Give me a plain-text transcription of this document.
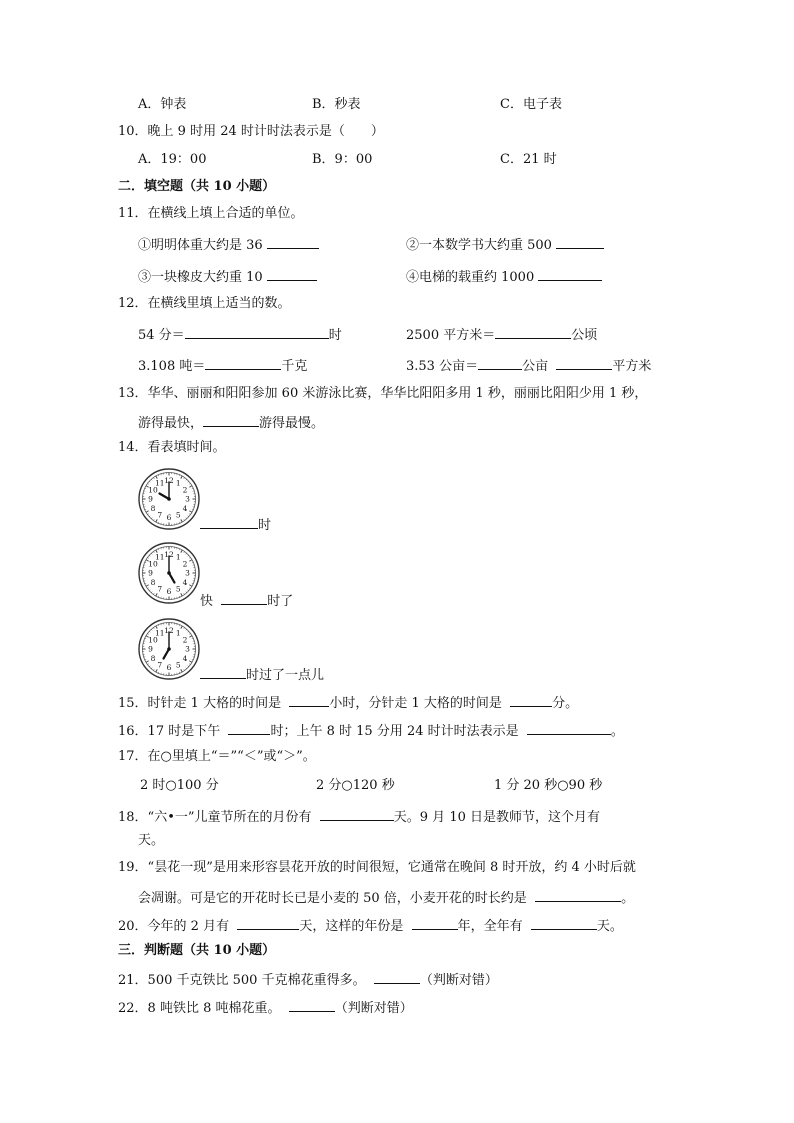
A．钟表	B．秒表	C．电子表
10．晚上 9 时用 24 时计时法表示是（　　）
A．19：00	B．9：00	C．21 时
二．填空题（共 10 小题）
11．在横线上填上合适的单位。
①明明体重大约是 36	②一本数学书大约重 500
③一块橡皮大约重 10	④电梯的载重约 1000
12．在横线里填上适当的数。
54 分＝	时	2500 平方米＝	公顷
3.108 吨＝	千克	3.53 公亩＝	公亩	平方米
13．华华、丽丽和阳阳参加 60 米游泳比赛，华华比阳阳多用 1 秒，丽丽比阳阳少用 1 秒，
游得最快，	游得最慢。
14．看表填时间。
12 1
2
3
4
5
6
7
8
9
10
11
时
12 1
2
3
4
5
6
7
8
9
10
11
快	时了
12 1
2
3
4
5
6
7
8
9
10
11
时过了一点儿
15．时针走 1 大格的时间是	小时，分针走 1 大格的时间是	分。
16．17 时是下午	时；上午 8 时 15 分用 24 时计时法表示是	。
17．在○里填上“＝”“＜”或“＞”。
2 时○100 分	2 分○120 秒	1 分 20 秒○90 秒
18．“六•一”儿童节所在的月份有	天。9 月 10 日是教师节，这个月有
天。
19．“昙花一现”是用来形容昙花开放的时间很短，它通常在晚间 8 时开放，约 4 小时后就
会凋谢。可是它的开花时长已是小麦的 50 倍，小麦开花的时长约是	。
20．今年的 2 月有	天，这样的年份是	年，全年有	天。
三．判断题（共 10 小题）
21．500 千克铁比 500 千克棉花重得多。	（判断对错）
22．8 吨铁比 8 吨棉花重。	（判断对错）
